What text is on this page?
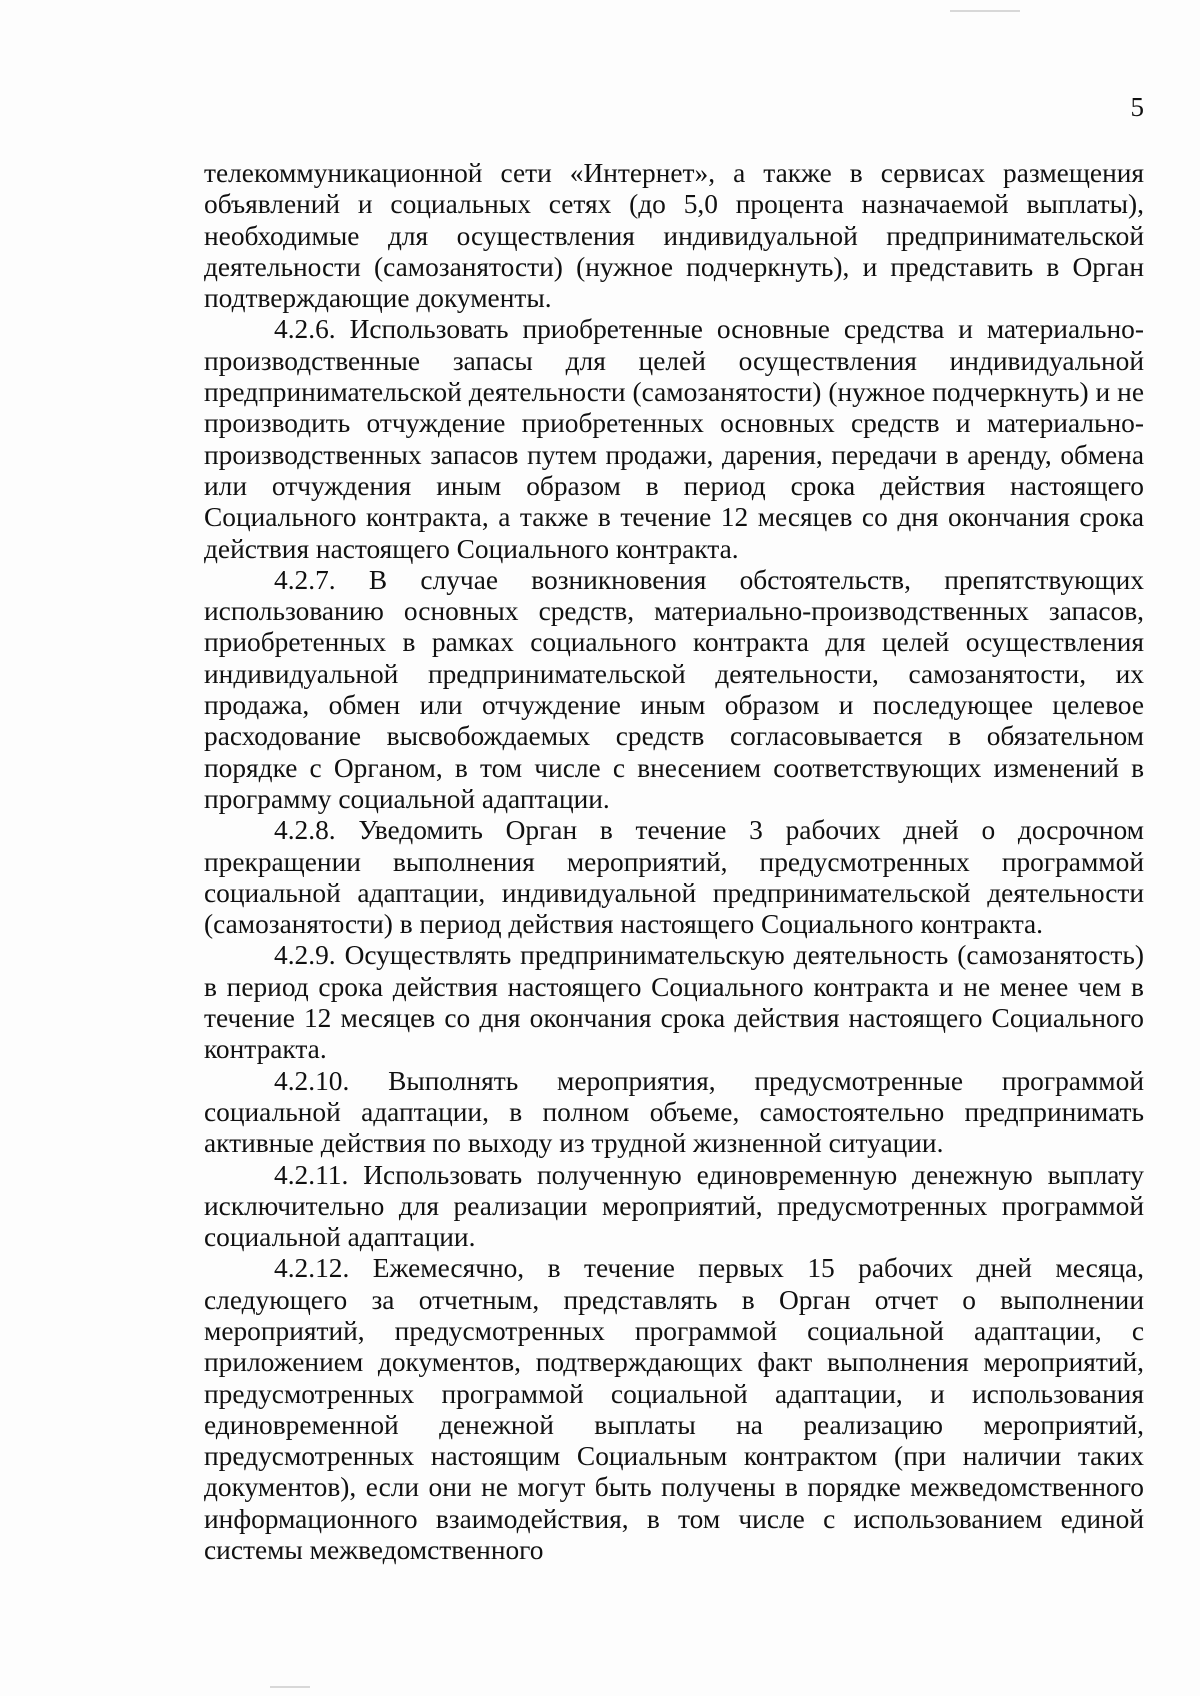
5

телекоммуникационной сети «Интернет», а также в сервисах размещения объявлений и социальных сетях (до 5,0 процента назначаемой выплаты), необходимые для осуществления индивидуальной предпринимательской деятельности (самозанятости) (нужное подчеркнуть), и представить в Орган подтверждающие документы.

4.2.6. Использовать приобретенные основные средства и материально-производственные запасы для целей осуществления индивидуальной предпринимательской деятельности (самозанятости) (нужное подчеркнуть) и не производить отчуждение приобретенных основных средств и материально-производственных запасов путем продажи, дарения, передачи в аренду, обмена или отчуждения иным образом в период срока действия настоящего Социального контракта, а также в течение 12 месяцев со дня окончания срока действия настоящего Социального контракта.

4.2.7. В случае возникновения обстоятельств, препятствующих использованию основных средств, материально-производственных запасов, приобретенных в рамках социального контракта для целей осуществления индивидуальной предпринимательской деятельности, самозанятости, их продажа, обмен или отчуждение иным образом и последующее целевое расходование высвобождаемых средств согласовывается в обязательном порядке с Органом, в том числе с внесением соответствующих изменений в программу социальной адаптации.

4.2.8. Уведомить Орган в течение 3 рабочих дней о досрочном прекращении выполнения мероприятий, предусмотренных программой социальной адаптации, индивидуальной предпринимательской деятельности (самозанятости) в период действия настоящего Социального контракта.

4.2.9. Осуществлять предпринимательскую деятельность (самозанятость) в период срока действия настоящего Социального контракта и не менее чем в течение 12 месяцев со дня окончания срока действия настоящего Социального контракта.

4.2.10. Выполнять мероприятия, предусмотренные программой социальной адаптации, в полном объеме, самостоятельно предпринимать активные действия по выходу из трудной жизненной ситуации.

4.2.11. Использовать полученную единовременную денежную выплату исключительно для реализации мероприятий, предусмотренных программой социальной адаптации.

4.2.12. Ежемесячно, в течение первых 15 рабочих дней месяца, следующего за отчетным, представлять в Орган отчет о выполнении мероприятий, предусмотренных программой социальной адаптации, с приложением документов, подтверждающих факт выполнения мероприятий, предусмотренных программой социальной адаптации, и использования единовременной денежной выплаты на реализацию мероприятий, предусмотренных настоящим Социальным контрактом (при наличии таких документов), если они не могут быть получены в порядке межведомственного информационного взаимодействия, в том числе с использованием единой системы межведомственного
